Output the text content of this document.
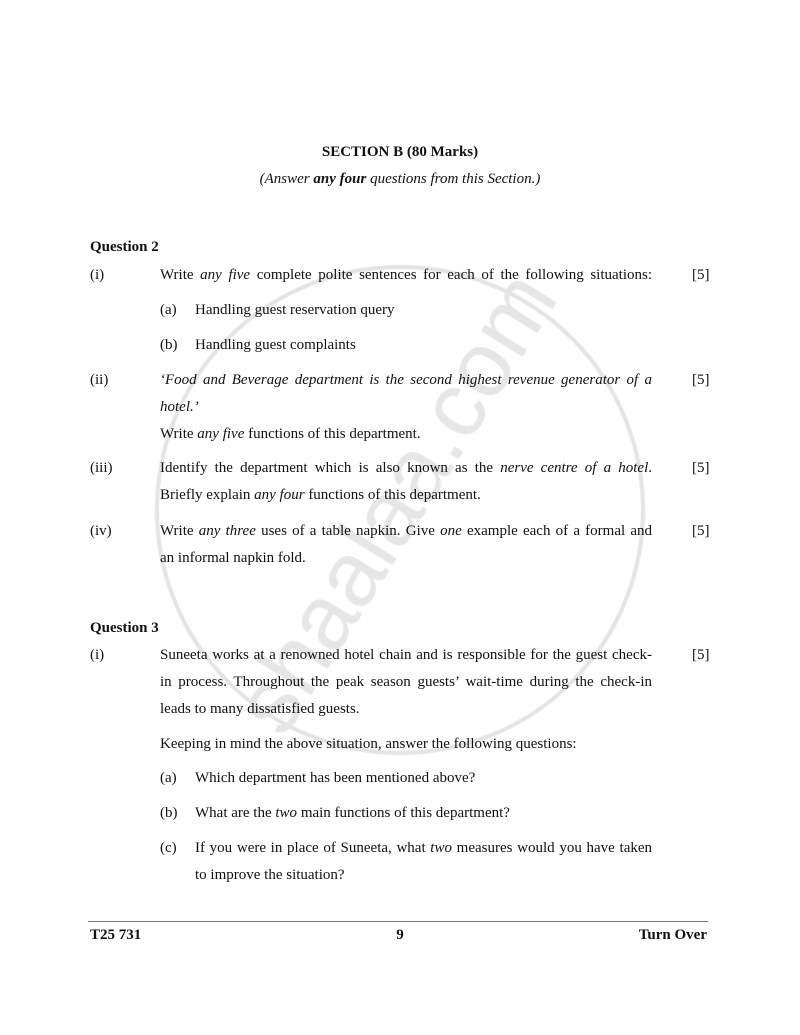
SECTION B (80 Marks)
(Answer any four questions from this Section.)
Question 2
(i)	Write any five complete polite sentences for each of the following situations:	[5]
(a) Handling guest reservation query
(b) Handling guest complaints
(ii)	‘Food and Beverage department is the second highest revenue generator of a	[5]
hotel.’
Write any five functions of this department.
(iii)	Identify the department which is also known as the nerve centre of a hotel.	[5]
Briefly explain any four functions of this department.
(iv)	Write any three uses of a table napkin. Give one example each of a formal and	[5]
an informal napkin fold.
Question 3
(i)	Suneeta works at a renowned hotel chain and is responsible for the guest check-	[5]
in process. Throughout the peak season guests’ wait-time during the check-in
leads to many dissatisfied guests.
Keeping in mind the above situation, answer the following questions:
(a) Which department has been mentioned above?
(b) What are the two main functions of this department?
(c) If you were in place of Suneeta, what two measures would you have taken
to improve the situation?
T25 731	9	Turn Over
